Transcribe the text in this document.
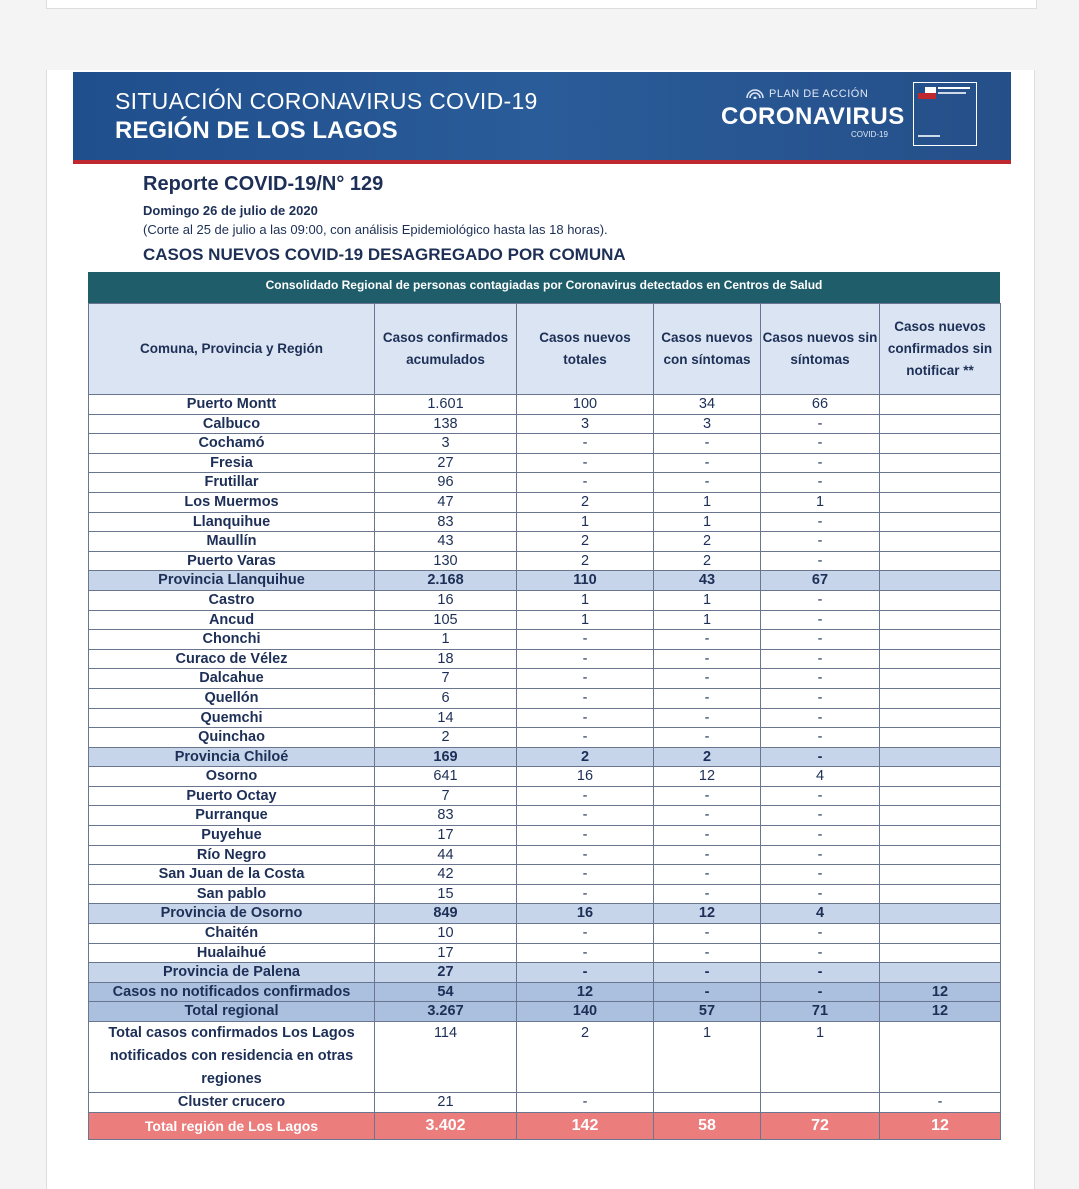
SITUACIÓN CORONAVIRUS COVID-19
REGIÓN DE LOS LAGOS
PLAN DE ACCIÓN
CORONAVIRUS
COVID-19
Reporte COVID-19/N° 129
Domingo 26 de julio de 2020
(Corte al 25 de julio a las 09:00, con análisis Epidemiológico hasta las 18 horas).
CASOS NUEVOS COVID-19 DESAGREGADO POR COMUNA
Consolidado Regional de personas contagiadas por Coronavirus detectados en Centros de Salud
Comuna, Provincia y Región	Casos confirmados acumulados	Casos nuevos totales	Casos nuevos con síntomas	Casos nuevos sin síntomas	Casos nuevos confirmados sin notificar **
Puerto Montt	1.601	100	34	66	
Calbuco	138	3	3	-	
Cochamó	3	-	-	-	
Fresia	27	-	-	-	
Frutillar	96	-	-	-	
Los Muermos	47	2	1	1	
Llanquihue	83	1	1	-	
Maullín	43	2	2	-	
Puerto Varas	130	2	2	-	
Provincia Llanquihue	2.168	110	43	67	
Castro	16	1	1	-	
Ancud	105	1	1	-	
Chonchi	1	-	-	-	
Curaco de Vélez	18	-	-	-	
Dalcahue	7	-	-	-	
Quellón	6	-	-	-	
Quemchi	14	-	-	-	
Quinchao	2	-	-	-	
Provincia Chiloé	169	2	2	-	
Osorno	641	16	12	4	
Puerto Octay	7	-	-	-	
Purranque	83	-	-	-	
Puyehue	17	-	-	-	
Río Negro	44	-	-	-	
San Juan de la Costa	42	-	-	-	
San pablo	15	-	-	-	
Provincia de Osorno	849	16	12	4	
Chaitén	10	-	-	-	
Hualaihué	17	-	-	-	
Provincia de Palena	27	-	-	-	
Casos no notificados confirmados	54	12	-	-	12
Total regional	3.267	140	57	71	12
Total casos confirmados Los Lagos notificados con residencia en otras regiones	114	2	1	1	
Cluster crucero	21	-			-
Total región de Los Lagos	3.402	142	58	72	12
